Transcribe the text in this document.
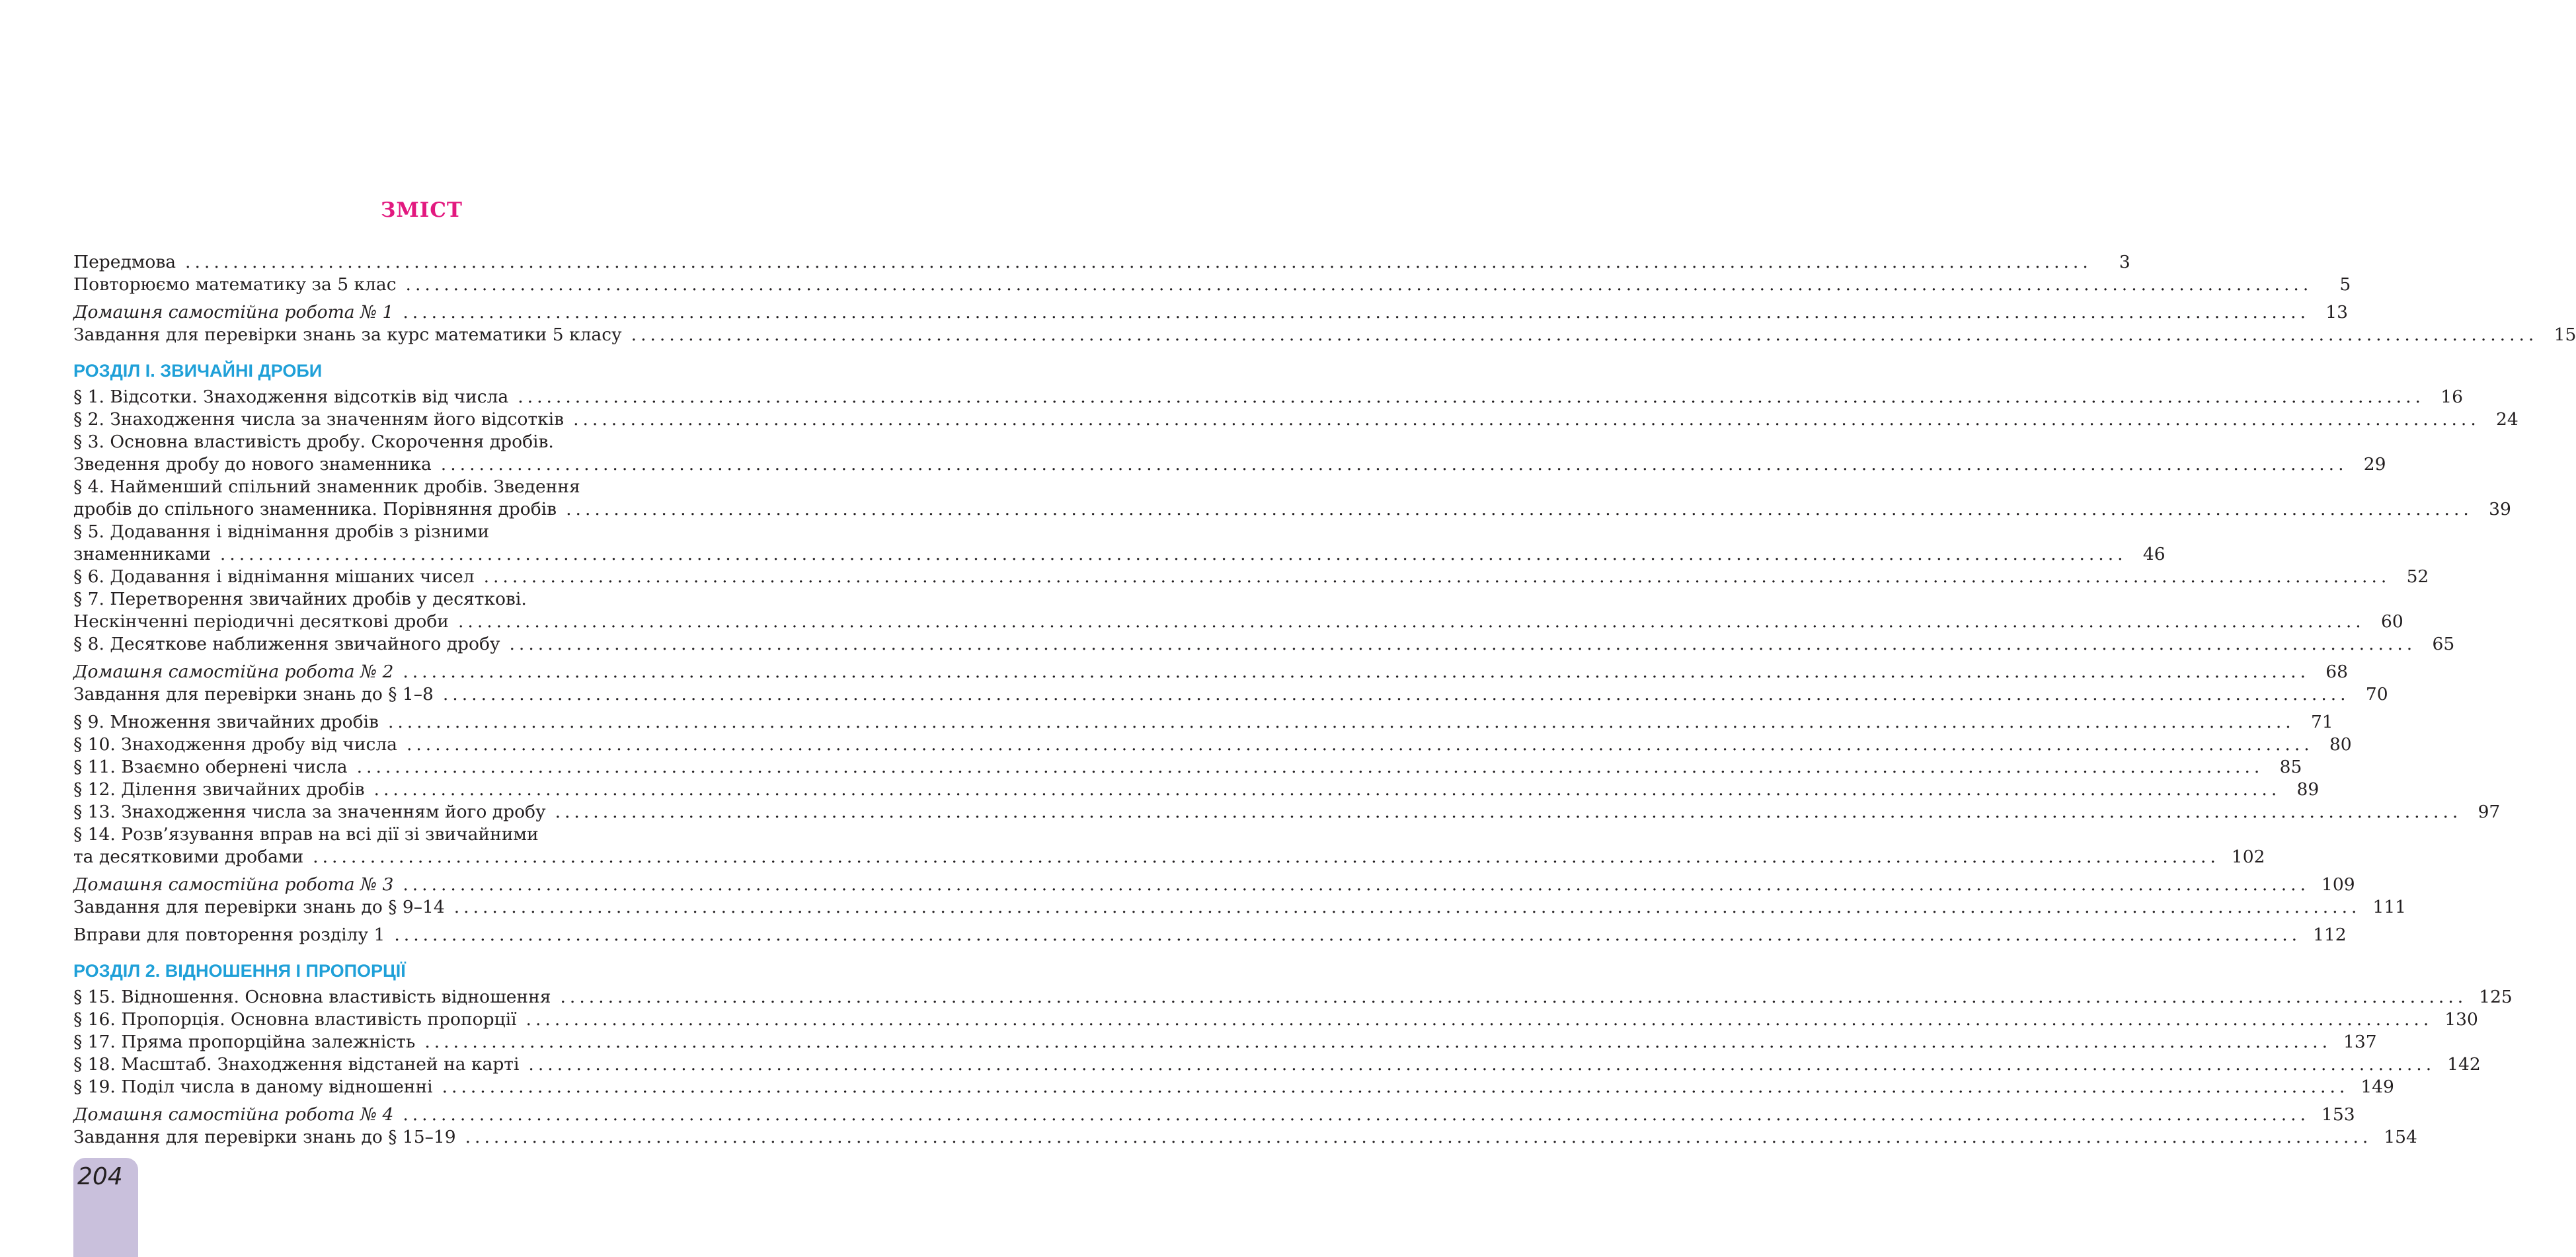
ЗМІСТ
Передмова ........................................................................................................................................................................................................	3
Повторюємо математику за 5 клас ........................................................................................................................................................................................................	5
Домашня самостійна робота № 1 ........................................................................................................................................................................................................ 13
Завдання для перевірки знань за курс математики 5 класу ........................................................................................................................................................................................................ 15
РОЗДІЛ І. ЗВИЧАЙНІ ДРОБИ
§ 1. Відсотки. Знаходження відсотків від числа ........................................................................................................................................................................................................ 16
§ 2. Знаходження числа за значенням його відсотків ........................................................................................................................................................................................................ 24
§ 3. Основна властивість дробу. Скорочення дробів.
Зведення дробу до нового знаменника ........................................................................................................................................................................................................ 29
§ 4. Найменший спільний знаменник дробів. Зведення
дробів до спільного знаменника. Порівняння дробів ........................................................................................................................................................................................................ 39
§ 5. Додавання і віднімання дробів з різними
знаменниками ........................................................................................................................................................................................................ 46
§ 6. Додавання і віднімання мішаних чисел ........................................................................................................................................................................................................ 52
§ 7. Перетворення звичайних дробів у десяткові.
Нескінченні періодичні десяткові дроби ........................................................................................................................................................................................................ 60
§ 8. Десяткове наближення звичайного дробу ........................................................................................................................................................................................................ 65
Домашня самостійна робота № 2 ........................................................................................................................................................................................................ 68
Завдання для перевірки знань до § 1–8 ........................................................................................................................................................................................................ 70
§ 9. Множення звичайних дробів ........................................................................................................................................................................................................ 71
§ 10. Знаходження дробу від числа ........................................................................................................................................................................................................ 80
§ 11. Взаємно обернені числа ........................................................................................................................................................................................................ 85
§ 12. Ділення звичайних дробів ........................................................................................................................................................................................................ 89
§ 13. Знаходження числа за значенням його дробу ........................................................................................................................................................................................................ 97
§ 14. Розв’язування вправ на всі дії зі звичайними
та десятковими дробами ........................................................................................................................................................................................................ 102
Домашня самостійна робота № 3 ........................................................................................................................................................................................................ 109
Завдання для перевірки знань до § 9–14 ........................................................................................................................................................................................................ 111
Вправи для повторення розділу 1 ........................................................................................................................................................................................................ 112
РОЗДІЛ 2. ВІДНОШЕННЯ І ПРОПОРЦІЇ
§ 15. Відношення. Основна властивість відношення ........................................................................................................................................................................................................ 125
§ 16. Пропорція. Основна властивість пропорції ........................................................................................................................................................................................................ 130
§ 17. Пряма пропорційна залежність ........................................................................................................................................................................................................ 137
§ 18. Масштаб. Знаходження відстаней на карті ........................................................................................................................................................................................................ 142
§ 19. Поділ числа в даному відношенні ........................................................................................................................................................................................................ 149
Домашня самостійна робота № 4 ........................................................................................................................................................................................................ 153
Завдання для перевірки знань до § 15–19 ........................................................................................................................................................................................................ 154
204
